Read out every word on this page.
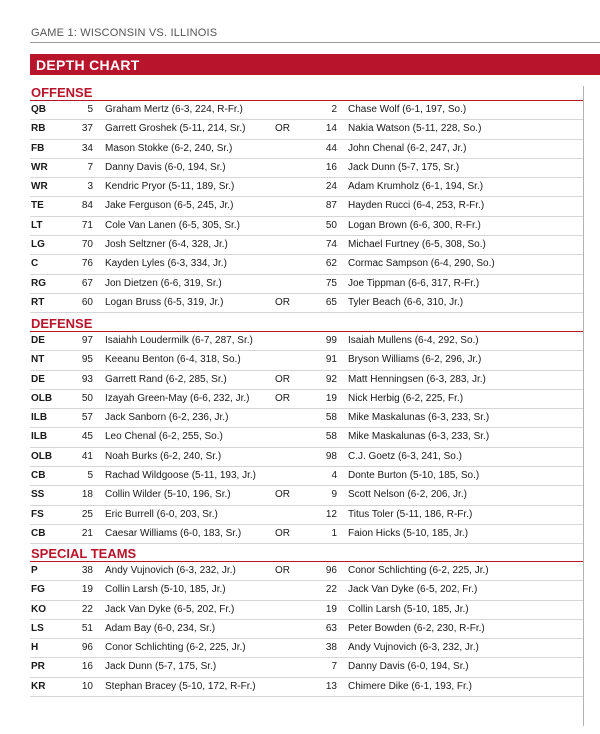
GAME 1: WISCONSIN VS. ILLINOIS
DEPTH CHART
OFFENSE
QB	5 Graham Mertz (6-3, 224, R-Fr.)	2 Chase Wolf (6-1, 197, So.)
RB	37 Garrett Groshek (5-11, 214, Sr.)	OR	14 Nakia Watson (5-11, 228, So.)
FB	34 Mason Stokke (6-2, 240, Sr.)	44 John Chenal (6-2, 247, Jr.)
WR	7 Danny Davis (6-0, 194, Sr.)	16 Jack Dunn (5-7, 175, Sr.)
WR	3 Kendric Pryor (5-11, 189, Sr.)	24 Adam Krumholz (6-1, 194, Sr.)
TE	84 Jake Ferguson (6-5, 245, Jr.)	87 Hayden Rucci (6-4, 253, R-Fr.)
LT	71 Cole Van Lanen (6-5, 305, Sr.)	50 Logan Brown (6-6, 300, R-Fr.)
LG	70 Josh Seltzner (6-4, 328, Jr.)	74 Michael Furtney (6-5, 308, So.)
C	76 Kayden Lyles (6-3, 334, Jr.)	62 Cormac Sampson (6-4, 290, So.)
RG	67 Jon Dietzen (6-6, 319, Sr.)	75 Joe Tippman (6-6, 317, R-Fr.)
RT	60 Logan Bruss (6-5, 319, Jr.)	OR	65 Tyler Beach (6-6, 310, Jr.)
DEFENSE
DE	97 Isaiahh Loudermilk (6-7, 287, Sr.)	99 Isaiah Mullens (6-4, 292, So.)
NT	95 Keeanu Benton (6-4, 318, So.)	91 Bryson Williams (6-2, 296, Jr.)
DE	93 Garrett Rand (6-2, 285, Sr.)	OR	92 Matt Henningsen (6-3, 283, Jr.)
OLB	50 Izayah Green-May (6-6, 232, Jr.)	OR	19 Nick Herbig (6-2, 225, Fr.)
ILB	57 Jack Sanborn (6-2, 236, Jr.)	58 Mike Maskalunas (6-3, 233, Sr.)
ILB	45 Leo Chenal (6-2, 255, So.)	58 Mike Maskalunas (6-3, 233, Sr.)
OLB	41 Noah Burks (6-2, 240, Sr.)	98 C.J. Goetz (6-3, 241, So.)
CB	5 Rachad Wildgoose (5-11, 193, Jr.)	4 Donte Burton (5-10, 185, So.)
SS	18 Collin Wilder (5-10, 196, Sr.)	OR	9 Scott Nelson (6-2, 206, Jr.)
FS	25 Eric Burrell (6-0, 203, Sr.)	12 Titus Toler (5-11, 186, R-Fr.)
CB	21 Caesar Williams (6-0, 183, Sr.)	OR	1 Faion Hicks (5-10, 185, Jr.)
SPECIAL TEAMS
P	38 Andy Vujnovich (6-3, 232, Jr.)	OR	96 Conor Schlichting (6-2, 225, Jr.)
FG	19 Collin Larsh (5-10, 185, Jr.)	22 Jack Van Dyke (6-5, 202, Fr.)
KO	22 Jack Van Dyke (6-5, 202, Fr.)	19 Collin Larsh (5-10, 185, Jr.)
LS	51 Adam Bay (6-0, 234, Sr.)	63 Peter Bowden (6-2, 230, R-Fr.)
H	96 Conor Schlichting (6-2, 225, Jr.)	38 Andy Vujnovich (6-3, 232, Jr.)
PR	16 Jack Dunn (5-7, 175, Sr.)	7 Danny Davis (6-0, 194, Sr.)
KR	10 Stephan Bracey (5-10, 172, R-Fr.)	13 Chimere Dike (6-1, 193, Fr.)
